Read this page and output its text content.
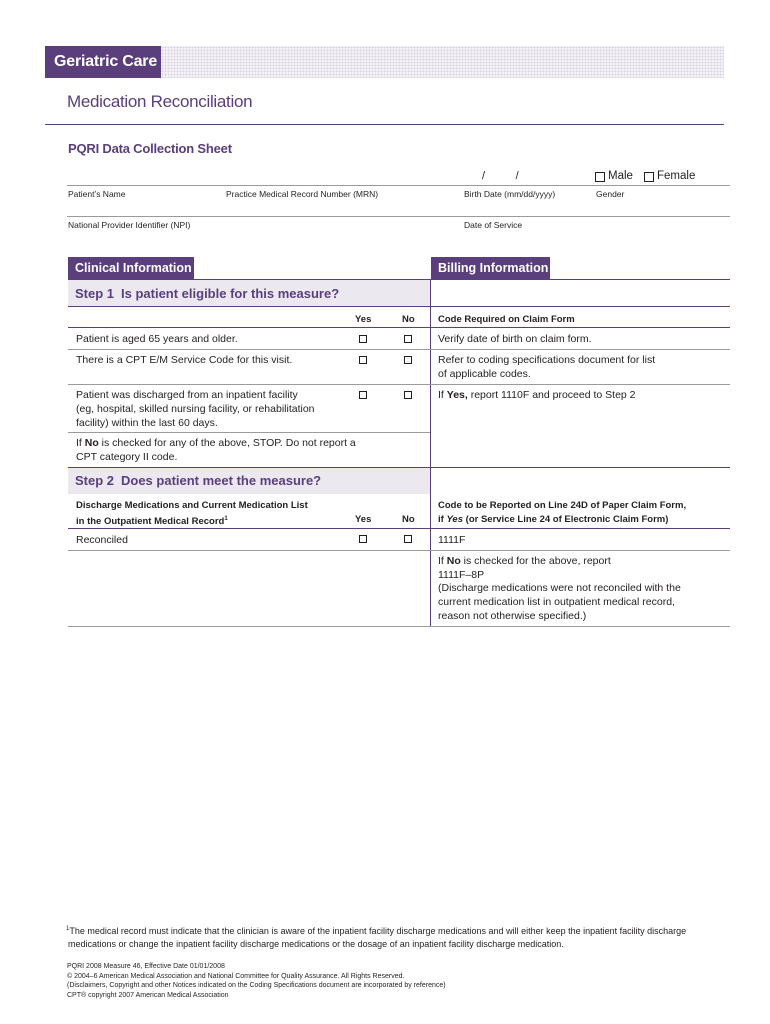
Geriatric Care
Medication Reconciliation
PQRI Data Collection Sheet
/          /	Male Female
Patient’s Name	Practice Medical Record Number (MRN)	Birth Date (mm/dd/yyyy)	Gender
National Provider Identifier (NPI)	Date of Service
Clinical Information	Billing Information
Step 1 Is patient eligible for this measure?
Yes	No Code Required on Claim Form
Patient is aged 65 years and older.	Verify date of birth on claim form.
There is a CPT E/M Service Code for this visit.	Refer to coding specifications document for list
of applicable codes.
Patient was discharged from an inpatient facility
(eg, hospital, skilled nursing facility, or rehabilitation
facility) within the last 60 days.
If Yes, report 1110F and proceed to Step 2
If No is checked for any of the above, STOP. Do not report a
CPT category II code.
Step 2 Does patient meet the measure?
Discharge Medications and Current Medication List
in the Outpatient Medical Record$^1$	Yes	No
Code to be Reported on Line 24D of Paper Claim Form,
if Yes (or Service Line 24 of Electronic Claim Form)
Reconciled	1111F
If No is checked for the above, report
1111F–8P
(Discharge medications were not reconciled with the
current medication list in outpatient medical record,
reason not otherwise specified.)
$^1$The medical record must indicate that the clinician is aware of the inpatient facility discharge medications and will either keep the inpatient facility discharge
medications or change the inpatient facility discharge medications or the dosage of an inpatient facility discharge medication.
PQRI 2008 Measure 46, Effective Date 01/01/2008
© 2004–6 American Medical Association and National Committee for Quality Assurance. All Rights Reserved.
(Disclaimers, Copyright and other Notices indicated on the Coding Specifications document are incorporated by reference)
CPT® copyright 2007 American Medical Association
